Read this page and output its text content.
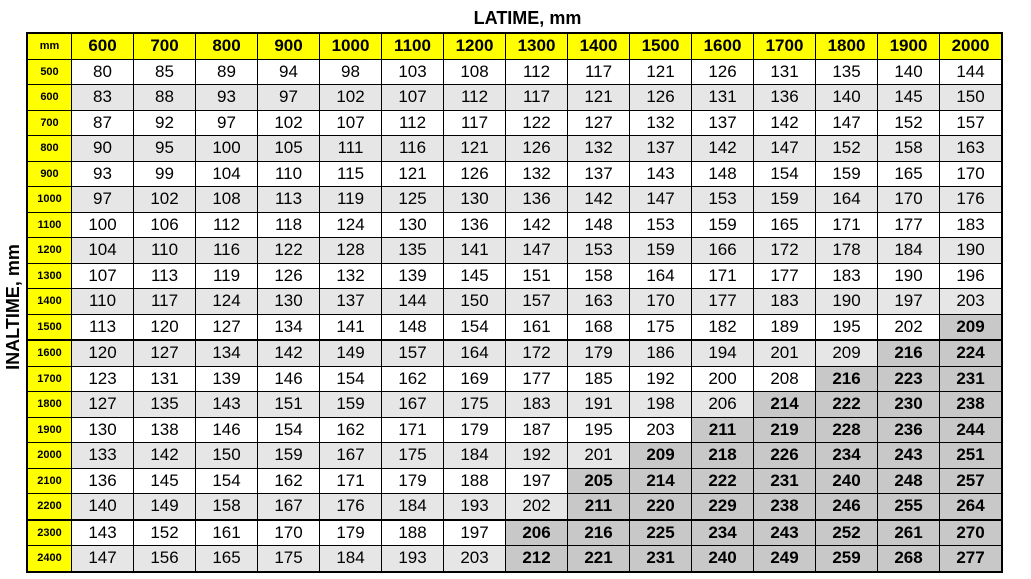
LATIME, mm
INALTIME, mm
mm	600	700	800	900	1000	1100	1200	1300	1400	1500	1600	1700	1800	1900	2000
500	80	85	89	94	98	103	108	112	117	121	126	131	135	140	144
600	83	88	93	97	102	107	112	117	121	126	131	136	140	145	150
700	87	92	97	102	107	112	117	122	127	132	137	142	147	152	157
800	90	95	100	105	111	116	121	126	132	137	142	147	152	158	163
900	93	99	104	110	115	121	126	132	137	143	148	154	159	165	170
1000	97	102	108	113	119	125	130	136	142	147	153	159	164	170	176
1100	100	106	112	118	124	130	136	142	148	153	159	165	171	177	183
1200	104	110	116	122	128	135	141	147	153	159	166	172	178	184	190
1300	107	113	119	126	132	139	145	151	158	164	171	177	183	190	196
1400	110	117	124	130	137	144	150	157	163	170	177	183	190	197	203
1500	113	120	127	134	141	148	154	161	168	175	182	189	195	202	209
1600	120	127	134	142	149	157	164	172	179	186	194	201	209	216	224
1700	123	131	139	146	154	162	169	177	185	192	200	208	216	223	231
1800	127	135	143	151	159	167	175	183	191	198	206	214	222	230	238
1900	130	138	146	154	162	171	179	187	195	203	211	219	228	236	244
2000	133	142	150	159	167	175	184	192	201	209	218	226	234	243	251
2100	136	145	154	162	171	179	188	197	205	214	222	231	240	248	257
2200	140	149	158	167	176	184	193	202	211	220	229	238	246	255	264
2300	143	152	161	170	179	188	197	206	216	225	234	243	252	261	270
2400	147	156	165	175	184	193	203	212	221	231	240	249	259	268	277
